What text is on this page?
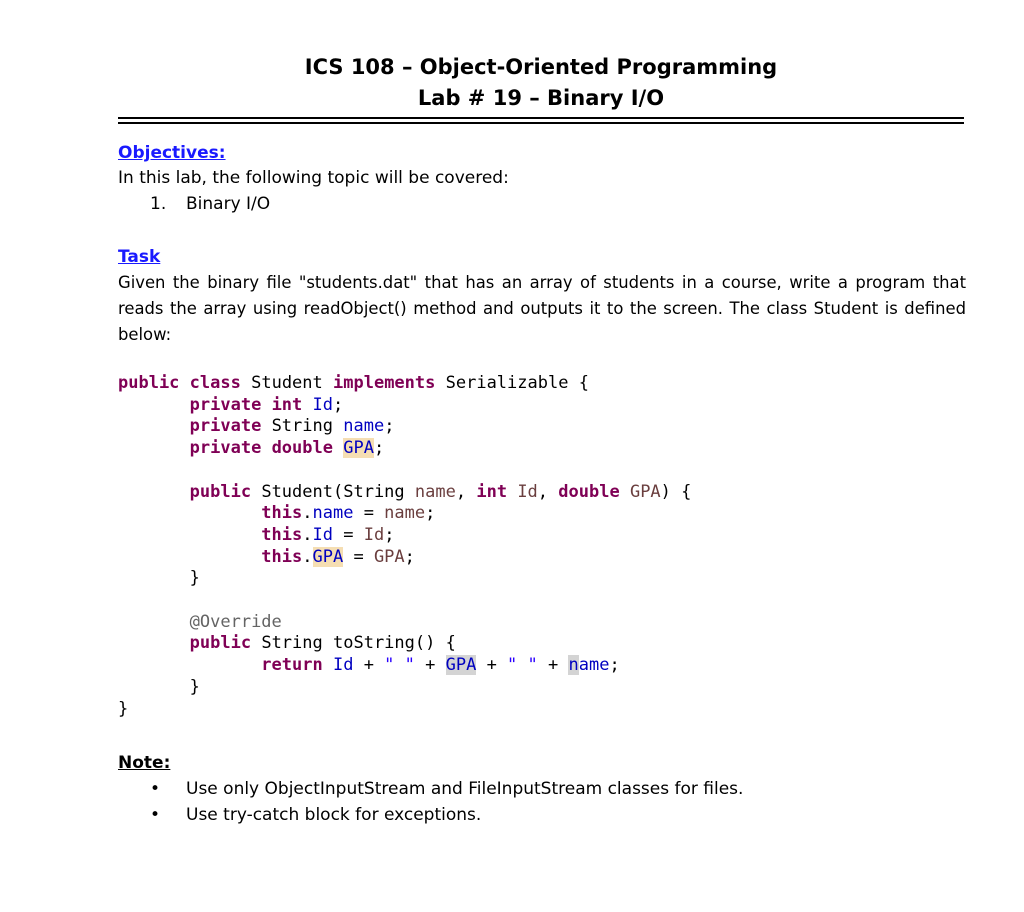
ICS 108 – Object-Oriented Programming
Lab # 19 – Binary I/O
Objectives:
In this lab, the following topic will be covered:
1. Binary I/O
Task
Given the binary file "students.dat" that has an array of students in a course, write a program that reads the array using readObject() method and outputs it to the screen. The class Student is defined below:
public class Student implements Serializable {
private int Id;
private String name;
private double GPA;

public Student(String name, int Id, double GPA) {
this.name = name;
this.Id = Id;
this.GPA = GPA;
}

@Override
public String toString() {
return Id + " " + GPA + " " + name;
}
}
Note:
• Use only ObjectInputStream and FileInputStream classes for files.
• Use try-catch block for exceptions.
